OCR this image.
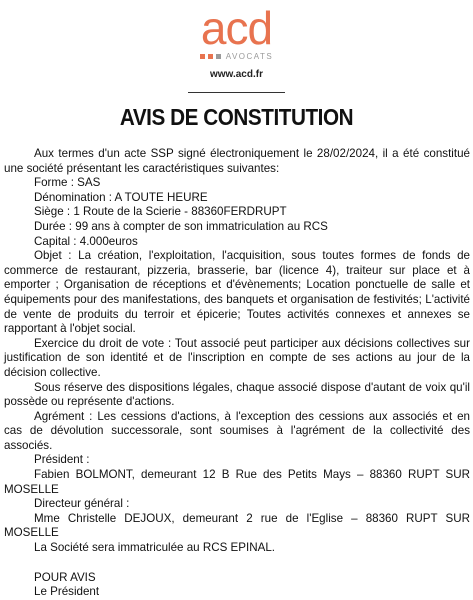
acd
AVOCATS
www.acd.fr
AVIS DE CONSTITUTION

Aux termes d'un acte SSP signé électroniquement le 28/02/2024, il a été constitué une société présentant les caractéristiques suivantes:

Forme : SAS

Dénomination : A TOUTE HEURE

Siège : 1 Route de la Scierie - 88360FERDRUPT

Durée : 99 ans à compter de son immatriculation au RCS

Capital : 4.000euros

Objet : La création, l'exploitation, l'acquisition, sous toutes formes de fonds de commerce de restaurant, pizzeria, brasserie, bar (licence 4), traiteur sur place et à emporter ; Organisation de réceptions et d'évènements; Location ponctuelle de salle et équipements pour des manifestations, des banquets et organisation de festivités; L'activité de vente de produits du terroir et épicerie; Toutes activités connexes et annexes se rapportant à l'objet social.

Exercice du droit de vote : Tout associé peut participer aux décisions collectives sur justification de son identité et de l'inscription en compte de ses actions au jour de la décision collective.

Sous réserve des dispositions légales, chaque associé dispose d'autant de voix qu'il possède ou représente d'actions.

Agrément : Les cessions d'actions, à l'exception des cessions aux associés et en cas de dévolution successorale, sont soumises à l'agrément de la collectivité des associés.

Président :

Fabien BOLMONT, demeurant 12 B Rue des Petits Mays – 88360 RUPT SUR MOSELLE

Directeur général :

Mme Christelle DEJOUX, demeurant 2 rue de l'Eglise – 88360 RUPT SUR MOSELLE

La Société sera immatriculée au RCS EPINAL.

POUR AVIS

Le Président
